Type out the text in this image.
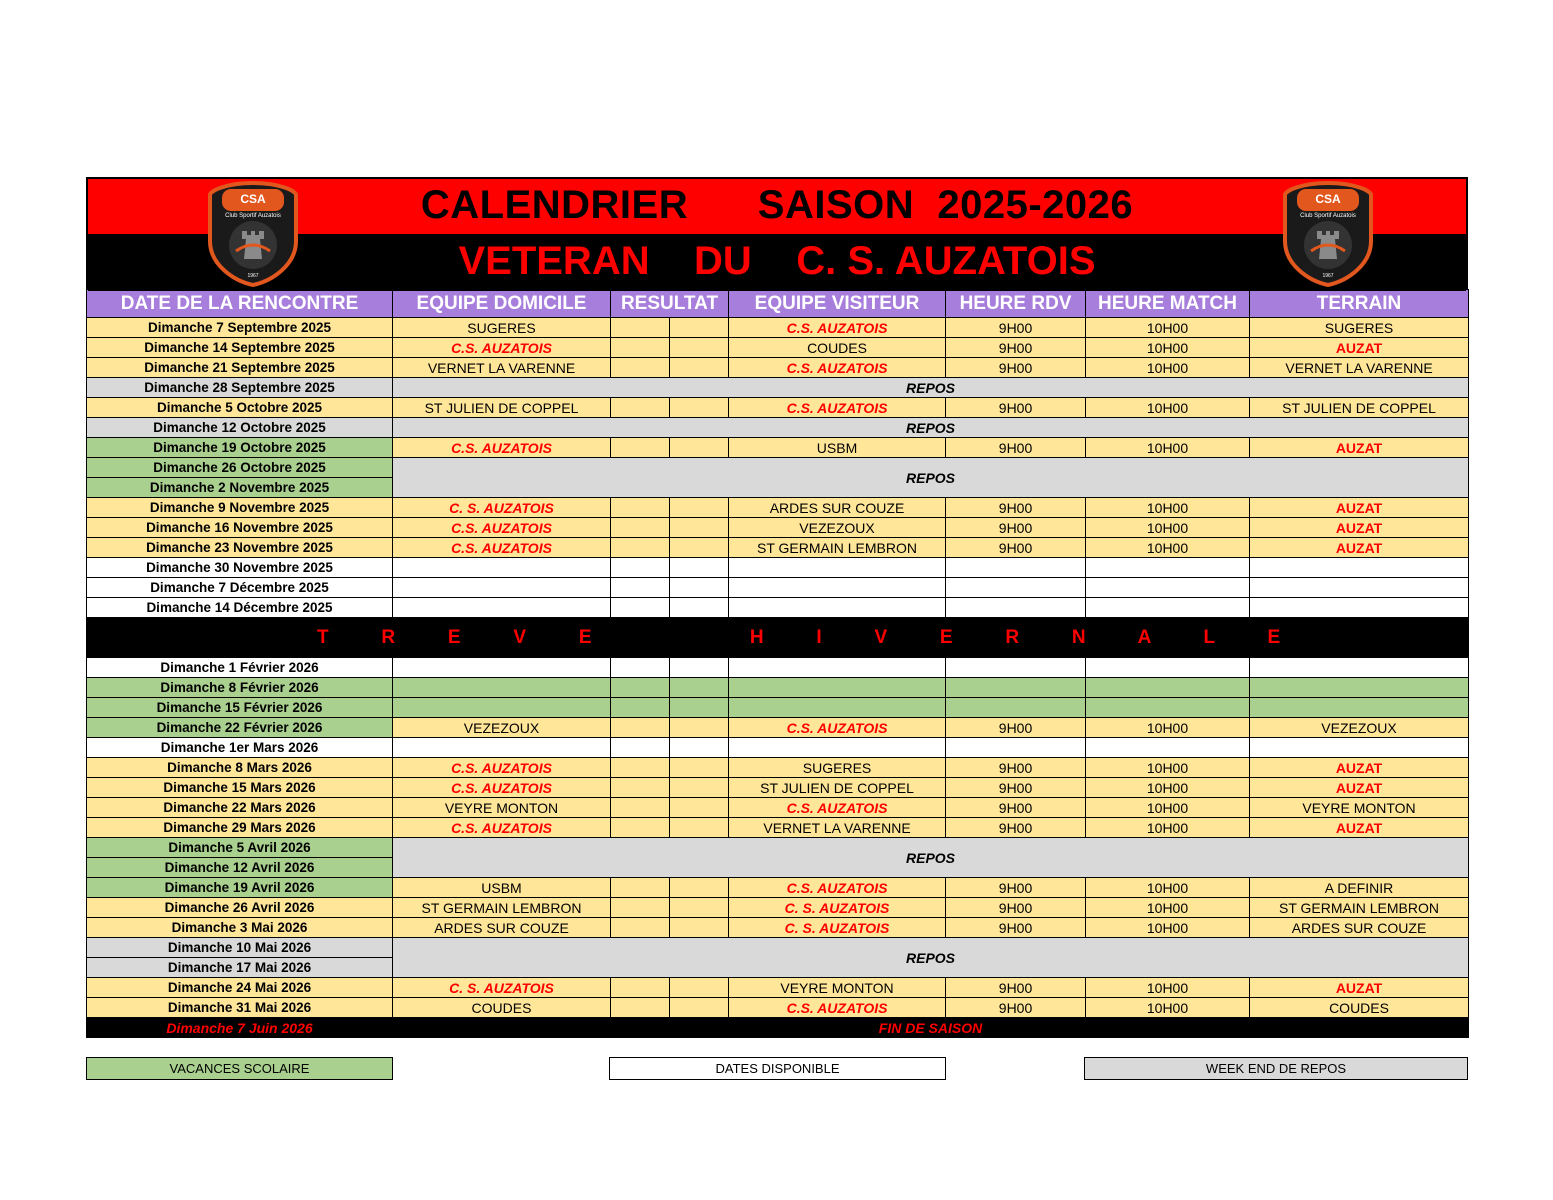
CALENDRIER      SAISON  2025-2026
VETERAN    DU    C. S. AUZATOIS
CSA
Club Sportif Auzatois
1967
CSA
Club Sportif Auzatois
1967
DATE DE LA RENCONTRE	EQUIPE DOMICILE	RESULTAT		EQUIPE VISITEUR	HEURE RDV	HEURE MATCH	TERRAIN
Dimanche 7 Septembre 2025	SUGERES			C.S. AUZATOIS	9H00	10H00	SUGERES
Dimanche 14 Septembre 2025	C.S. AUZATOIS			COUDES	9H00	10H00	AUZAT
Dimanche 21 Septembre 2025	VERNET LA VARENNE			C.S. AUZATOIS	9H00	10H00	VERNET LA VARENNE
Dimanche 28 Septembre 2025	REPOS						
Dimanche 5 Octobre 2025	ST JULIEN DE COPPEL			C.S. AUZATOIS	9H00	10H00	ST JULIEN DE COPPEL
Dimanche 12 Octobre 2025	REPOS						
Dimanche 19 Octobre 2025	C.S. AUZATOIS			USBM	9H00	10H00	AUZAT
Dimanche 26 Octobre 2025	REPOS						
Dimanche 2 Novembre 2025							
Dimanche 9 Novembre 2025	C. S. AUZATOIS			ARDES SUR COUZE	9H00	10H00	AUZAT
Dimanche 16 Novembre 2025	C.S. AUZATOIS			VEZEZOUX	9H00	10H00	AUZAT
Dimanche 23 Novembre 2025	C.S. AUZATOIS			ST GERMAIN LEMBRON	9H00	10H00	AUZAT
Dimanche 30 Novembre 2025							
Dimanche 7 Décembre 2025							
Dimanche 14 Décembre 2025							

T          R          E          V          E                              H          I          V          E          R          N          A          L          E							

Dimanche 1 Février 2026							
Dimanche 8 Février 2026							
Dimanche 15 Février 2026							
Dimanche 22 Février 2026	VEZEZOUX			C.S. AUZATOIS	9H00	10H00	VEZEZOUX
Dimanche 1er Mars 2026							
Dimanche 8 Mars 2026	C.S. AUZATOIS			SUGERES	9H00	10H00	AUZAT
Dimanche 15 Mars 2026	C.S. AUZATOIS			ST JULIEN DE COPPEL	9H00	10H00	AUZAT
Dimanche 22 Mars 2026	VEYRE MONTON			C.S. AUZATOIS	9H00	10H00	VEYRE MONTON
Dimanche 29 Mars 2026	C.S. AUZATOIS			VERNET LA VARENNE	9H00	10H00	AUZAT
Dimanche 5 Avril 2026	REPOS						
Dimanche 12 Avril 2026							
Dimanche 19 Avril 2026	USBM			C.S. AUZATOIS	9H00	10H00	A DEFINIR
Dimanche 26 Avril 2026	ST GERMAIN LEMBRON			C. S. AUZATOIS	9H00	10H00	ST GERMAIN LEMBRON
Dimanche 3 Mai 2026	ARDES SUR COUZE			C. S. AUZATOIS	9H00	10H00	ARDES SUR COUZE
Dimanche 10 Mai 2026	REPOS						
Dimanche 17 Mai 2026							
Dimanche 24 Mai 2026	C. S. AUZATOIS			VEYRE MONTON	9H00	10H00	AUZAT
Dimanche 31 Mai 2026	COUDES			C.S. AUZATOIS	9H00	10H00	COUDES
Dimanche 7 Juin 2026	FIN DE SAISON						
VACANCES SCOLAIRE	DATES DISPONIBLE	WEEK END DE REPOS
